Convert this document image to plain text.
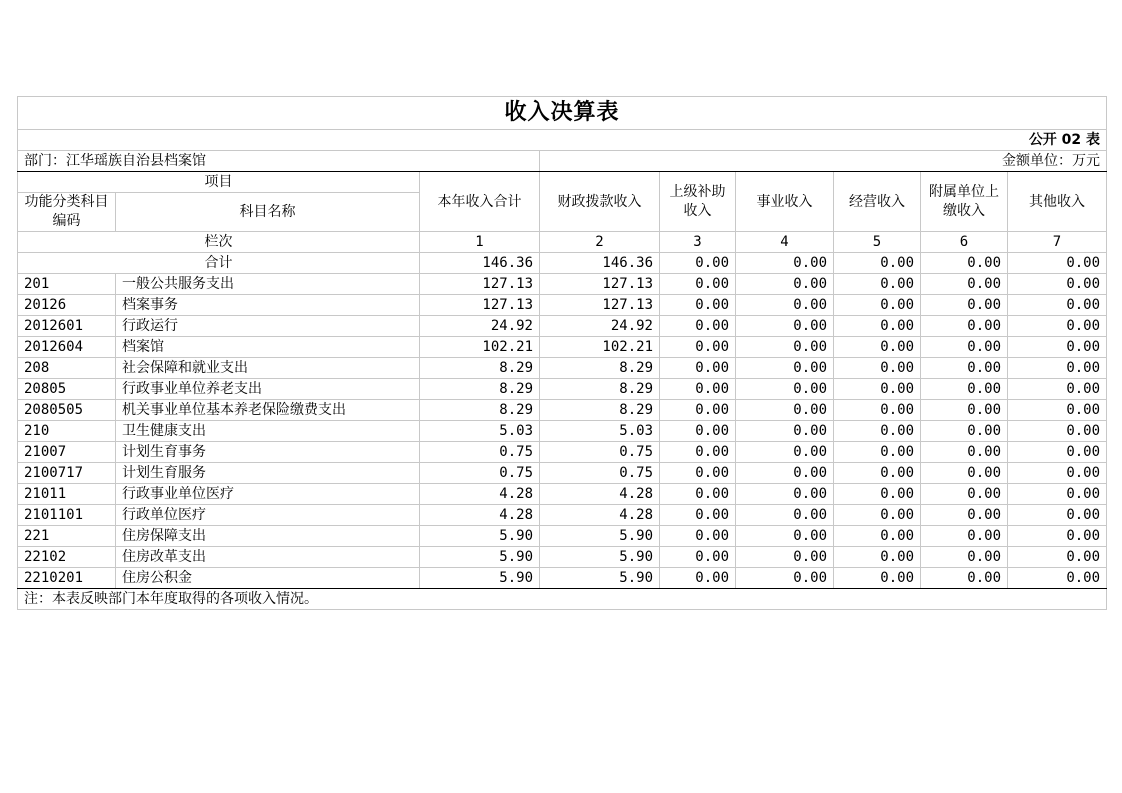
收入决算表								
公开 02 表								
部门：江华瑶族自治县档案馆			金额单位：万元					
项目		本年收入合计	财政拨款收入	上级补助收入	事业收入	经营收入	附属单位上缴收入	其他收入
功能分类科目编码	科目名称							
栏次		1	2	3	4	5	6	7
合计		146.36	146.36	0.00	0.00	0.00	0.00	0.00
201	一般公共服务支出	127.13	127.13	0.00	0.00	0.00	0.00	0.00
20126	档案事务	127.13	127.13	0.00	0.00	0.00	0.00	0.00
2012601	行政运行	24.92	24.92	0.00	0.00	0.00	0.00	0.00
2012604	档案馆	102.21	102.21	0.00	0.00	0.00	0.00	0.00
208	社会保障和就业支出	8.29	8.29	0.00	0.00	0.00	0.00	0.00
20805	行政事业单位养老支出	8.29	8.29	0.00	0.00	0.00	0.00	0.00
2080505	机关事业单位基本养老保险缴费支出	8.29	8.29	0.00	0.00	0.00	0.00	0.00
210	卫生健康支出	5.03	5.03	0.00	0.00	0.00	0.00	0.00
21007	计划生育事务	0.75	0.75	0.00	0.00	0.00	0.00	0.00
2100717	计划生育服务	0.75	0.75	0.00	0.00	0.00	0.00	0.00
21011	行政事业单位医疗	4.28	4.28	0.00	0.00	0.00	0.00	0.00
2101101	行政单位医疗	4.28	4.28	0.00	0.00	0.00	0.00	0.00
221	住房保障支出	5.90	5.90	0.00	0.00	0.00	0.00	0.00
22102	住房改革支出	5.90	5.90	0.00	0.00	0.00	0.00	0.00
2210201	住房公积金	5.90	5.90	0.00	0.00	0.00	0.00	0.00
注：本表反映部门本年度取得的各项收入情况。								
